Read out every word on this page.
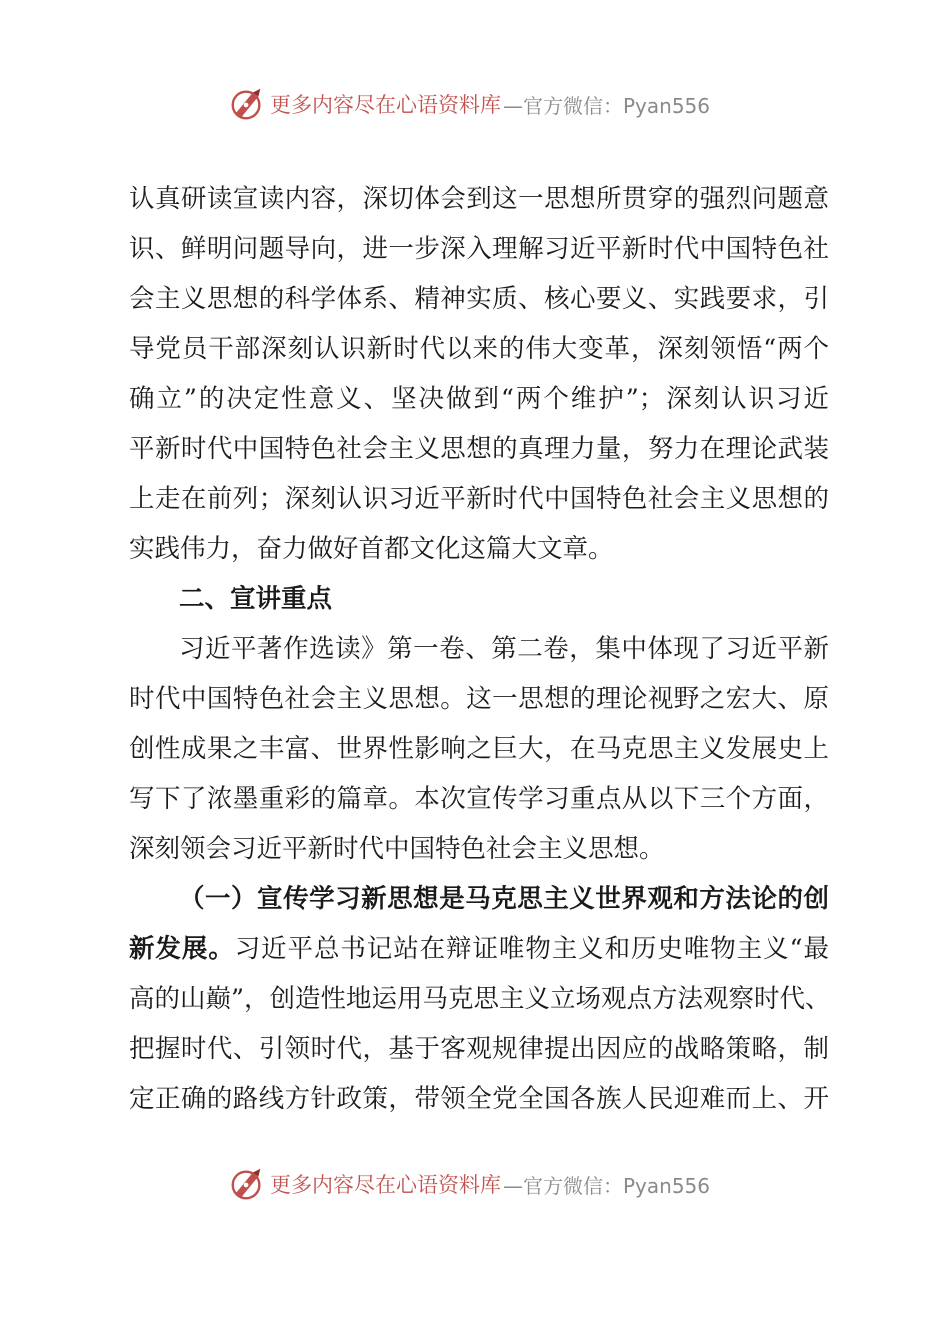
更多内容尽在心语资料库 —官方微信：Pyan556
认真研读宣读内容，深切体会到这一思想所贯穿的强烈问题意
识、鲜明问题导向，进一步深入理解习近平新时代中国特色社
会主义思想的科学体系、精神实质、核心要义、实践要求，引
导党员干部深刻认识新时代以来的伟大变革，深刻领悟“两个
确立”的决定性意义、坚决做到“两个维护”；深刻认识习近
平新时代中国特色社会主义思想的真理力量，努力在理论武装
上走在前列；深刻认识习近平新时代中国特色社会主义思想的
实践伟力，奋力做好首都文化这篇大文章。
二、宣讲重点
习近平著作选读》第一卷、第二卷，集中体现了习近平新
时代中国特色社会主义思想。这一思想的理论视野之宏大、原
创性成果之丰富、世界性影响之巨大，在马克思主义发展史上
写下了浓墨重彩的篇章。本次宣传学习重点从以下三个方面，
深刻领会习近平新时代中国特色社会主义思想。
（一）宣传学习新思想是马克思主义世界观和方法论的创
新发展。习近平总书记站在辩证唯物主义和历史唯物主义“最
高的山巅”，创造性地运用马克思主义立场观点方法观察时代、
把握时代、引领时代，基于客观规律提出因应的战略策略，制
定正确的路线方针政策，带领全党全国各族人民迎难而上、开
更多内容尽在心语资料库 —官方微信：Pyan556
